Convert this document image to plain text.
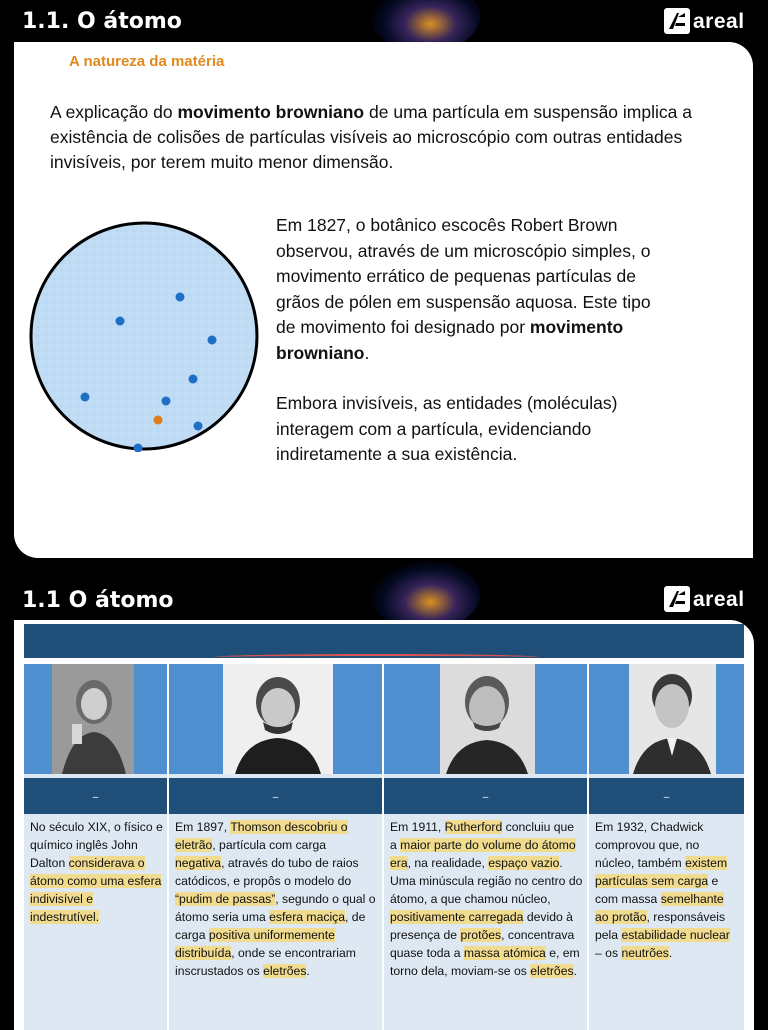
1.1. O átomo	areal
A natureza da matéria
A explicação do movimento browniano de uma partícula em suspensão implica a existência de colisões de partículas visíveis ao microscópio com outras entidades invisíveis, por terem muito menor dimensão.

Em 1827, o botânico escocês Robert Brown observou, através de um microscópio simples, o movimento errático de pequenas partículas de grãos de pólen em suspensão aquosa. Este tipo de movimento foi designado por movimento browniano.

Embora invisíveis, as entidades (moléculas) interagem com a partícula, evidenciando indiretamente a sua existência.

1.1 O átomo	areal
–
No século XIX, o físico e químico inglês John Dalton considerava o átomo como uma esfera indivisível e indestrutível.
–
Em 1897, Thomson descobriu o eletrão, partícula com carga negativa, através do tubo de raios catódicos, e propôs o modelo do “pudim de passas”, segundo o qual o átomo seria uma esfera maciça, de carga positiva uniformemente distribuída, onde se encontrariam inscrustados os eletrões.
–
Em 1911, Rutherford concluiu que a maior parte do volume do átomo era, na realidade, espaço vazio. Uma minúscula região no centro do átomo, a que chamou núcleo, positivamente carregada devido à presença de protões, concentrava quase toda a massa atómica e, em torno dela, moviam-se os eletrões.
–
Em 1932, Chadwick comprovou que, no núcleo, também existem partículas sem carga e com massa semelhante ao protão, responsáveis pela estabilidade nuclear – os neutrões.
